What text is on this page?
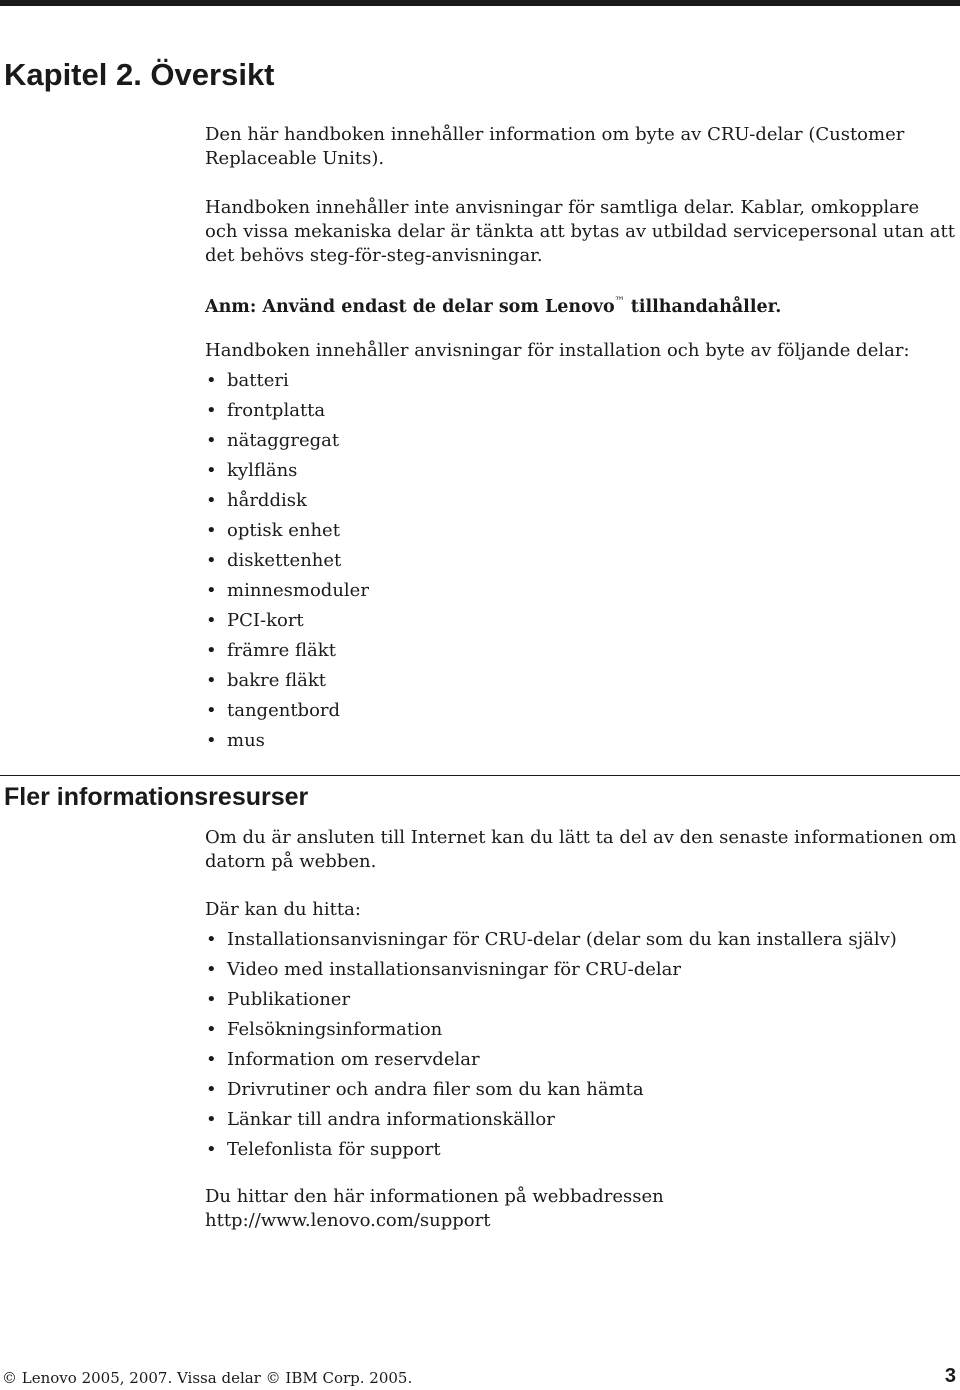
Kapitel 2. Översikt

Den här handboken innehåller information om byte av CRU-delar (Customer Replaceable Units).

Handboken innehåller inte anvisningar för samtliga delar. Kablar, omkopplare och vissa mekaniska delar är tänkta att bytas av utbildad servicepersonal utan att det behövs steg-för-steg-anvisningar.

Anm: Använd endast de delar som Lenovo™ tillhandahåller.

Handboken innehåller anvisningar för installation och byte av följande delar:

• batteri
• frontplatta
• nätaggregat
• kylfläns
• hårddisk
• optisk enhet
• diskettenhet
• minnesmoduler
• PCI-kort
• främre fläkt
• bakre fläkt
• tangentbord
• mus
Fler informationsresurser

Om du är ansluten till Internet kan du lätt ta del av den senaste informationen om datorn på webben.

Där kan du hitta:

• Installationsanvisningar för CRU-delar (delar som du kan installera själv)
• Video med installationsanvisningar för CRU-delar
• Publikationer
• Felsökningsinformation
• Information om reservdelar
• Drivrutiner och andra filer som du kan hämta
• Länkar till andra informationskällor
• Telefonlista för support

Du hittar den här informationen på webbadressen

http://www.lenovo.com/support

© Lenovo 2005, 2007. Vissa delar © IBM Corp. 2005.	3
